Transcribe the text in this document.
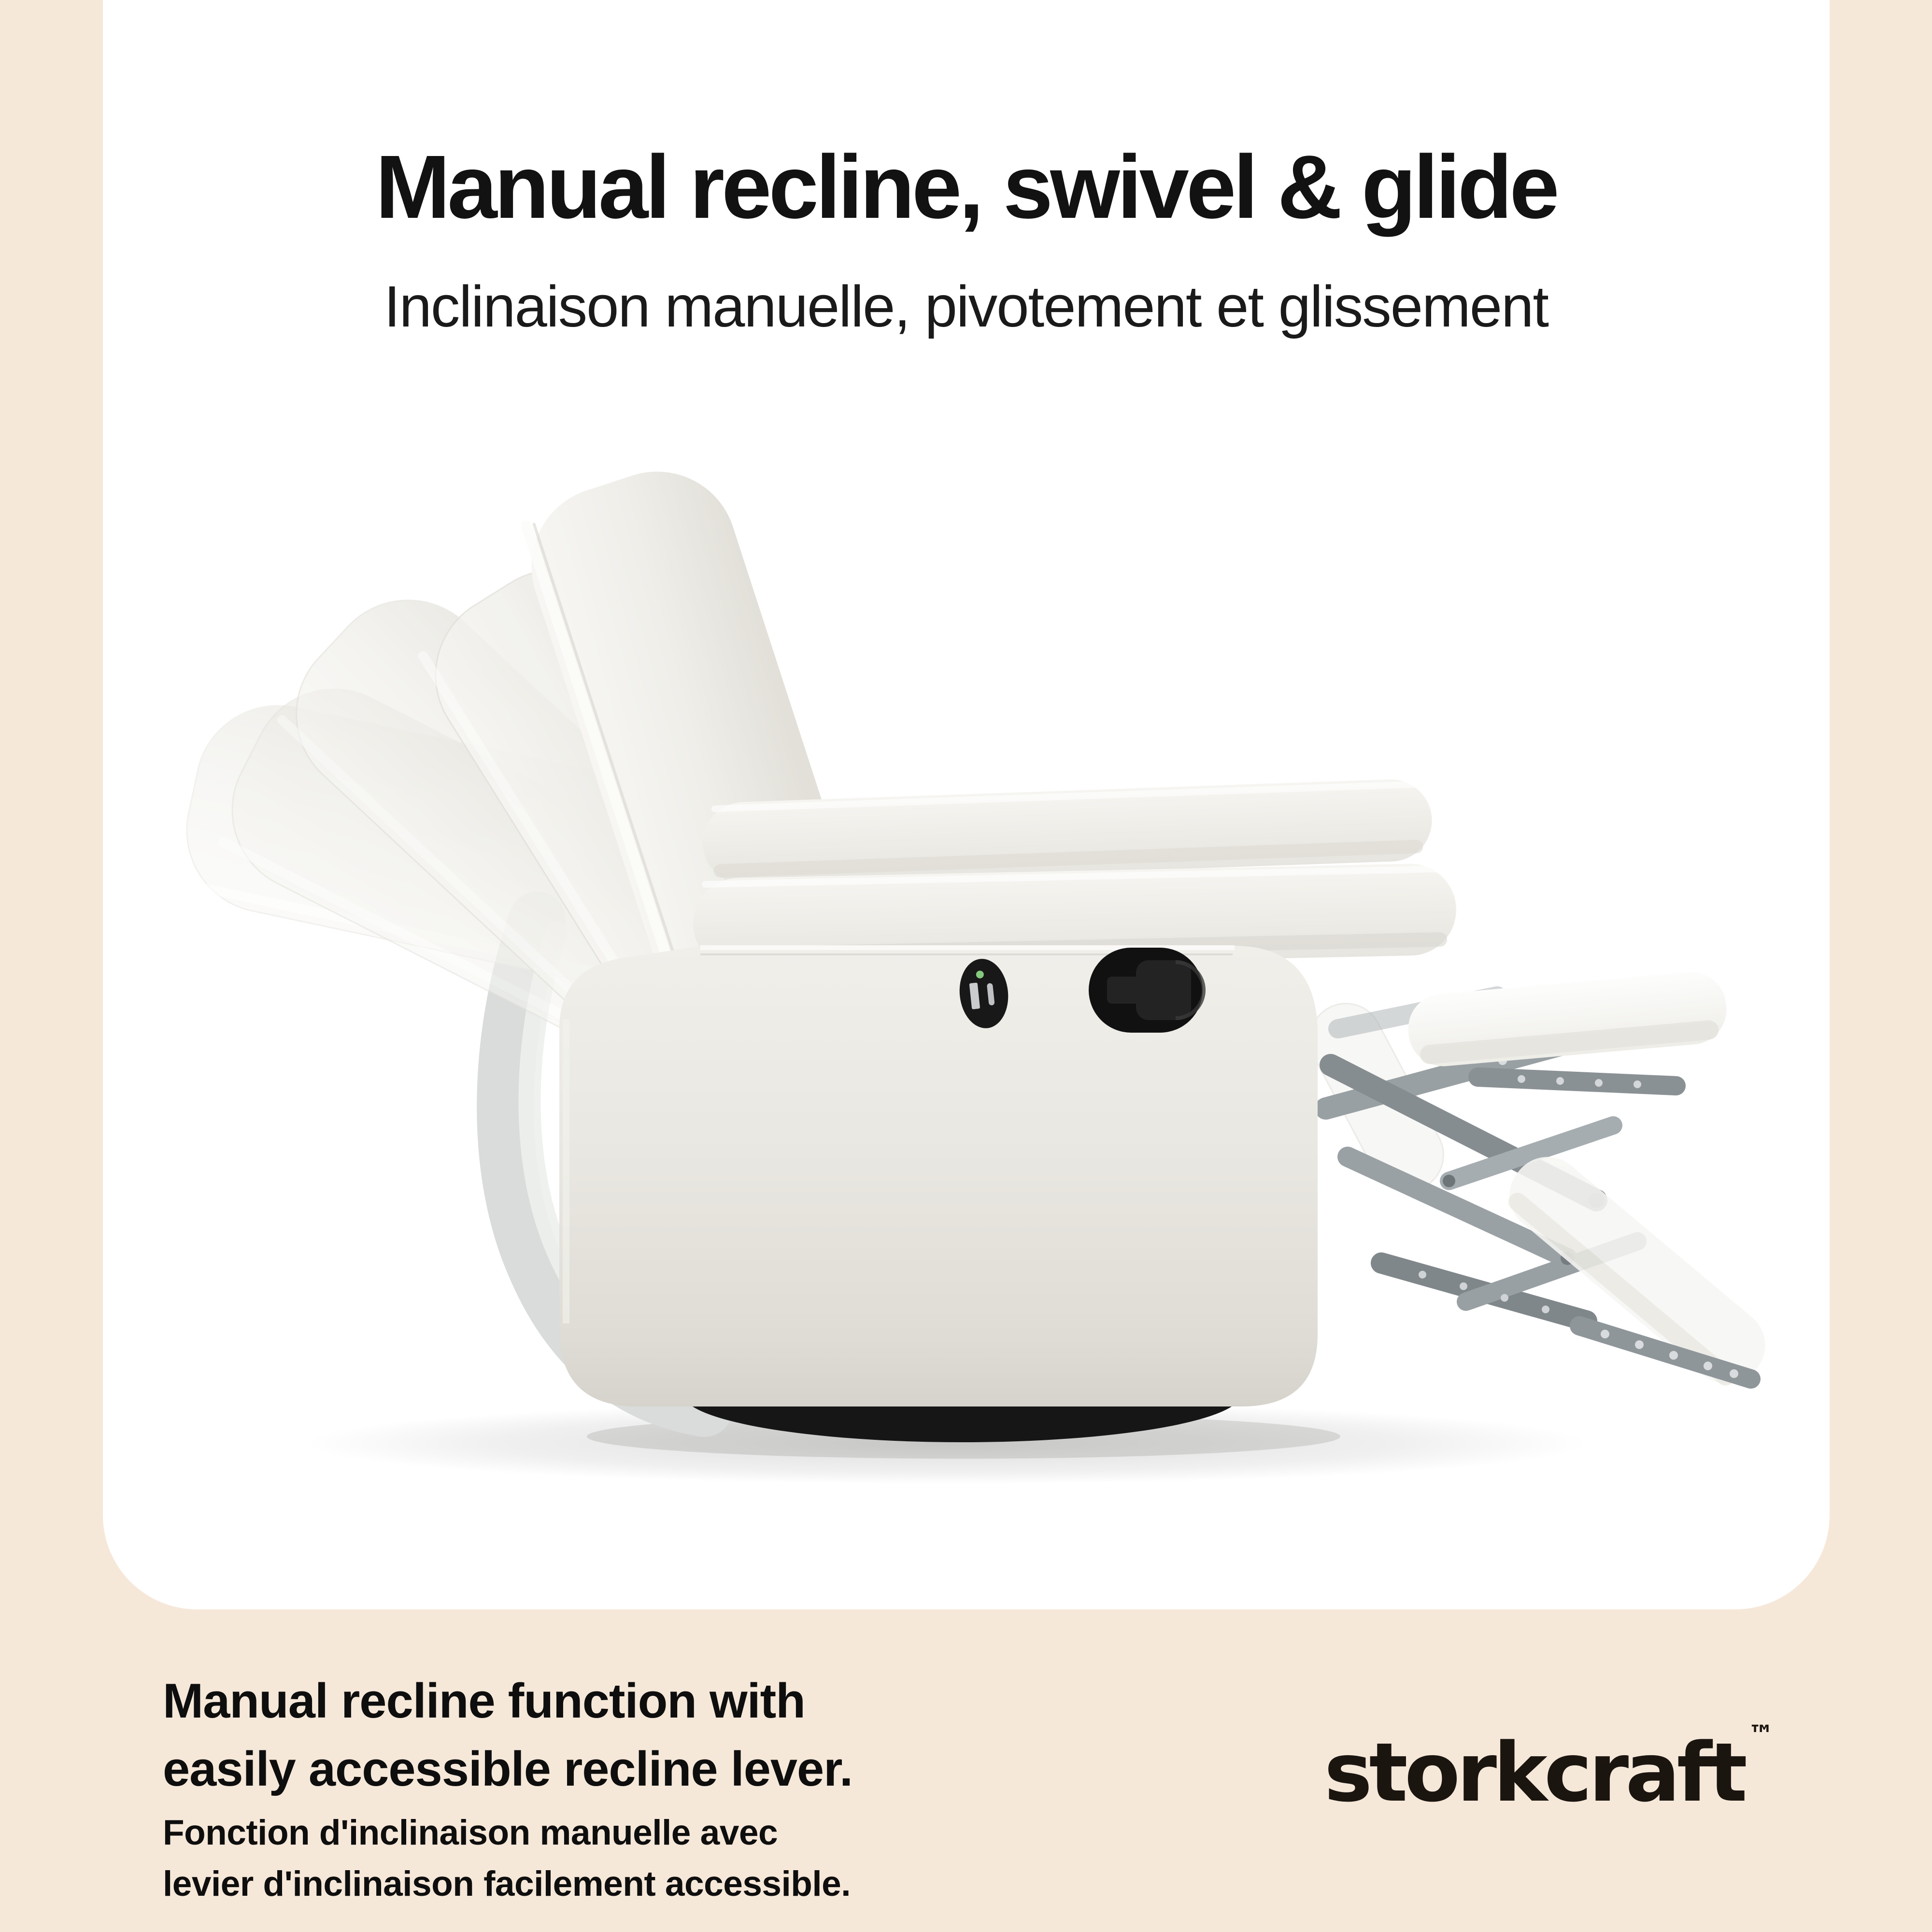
Manual recline, swivel & glide

Inclinaison manuelle, pivotement et glissement

Manual recline function with
easily accessible recline lever.
Fonction d'inclinaison manuelle avec
levier d'inclinaison facilement accessible.
storkcraft ™
